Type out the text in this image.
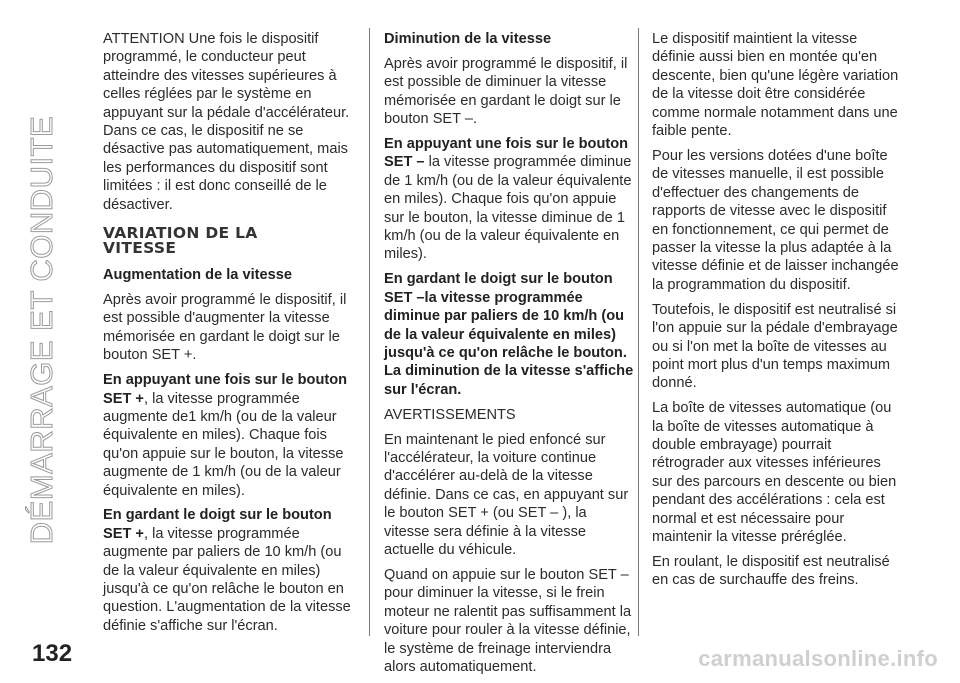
DÉMARRAGE ET CONDUITE
132

ATTENTION Une fois le dispositif programmé, le conducteur peut atteindre des vitesses supérieures à celles réglées par le système en appuyant sur la pédale d'accélérateur. Dans ce cas, le dispositif ne se désactive pas automatiquement, mais les performances du dispositif sont limitées : il est donc conseillé de le désactiver.

VARIATION DE LA
VITESSE

Augmentation de la vitesse

Après avoir programmé le dispositif, il est possible d'augmenter la vitesse mémorisée en gardant le doigt sur le bouton SET +.

En appuyant une fois sur le bouton SET +, la vitesse programmée augmente de1 km/h (ou de la valeur équivalente en miles). Chaque fois qu'on appuie sur le bouton, la vitesse augmente de 1 km/h (ou de la valeur équivalente en miles).

En gardant le doigt sur le bouton SET +, la vitesse programmée augmente par paliers de 10 km/h (ou de la valeur équivalente en miles) jusqu'à ce qu'on relâche le bouton en question. L'augmentation de la vitesse définie s'affiche sur l'écran.

Diminution de la vitesse

Après avoir programmé le dispositif, il est possible de diminuer la vitesse mémorisée en gardant le doigt sur le bouton SET –.

En appuyant une fois sur le bouton SET – la vitesse programmée diminue de 1 km/h (ou de la valeur équivalente en miles). Chaque fois qu'on appuie sur le bouton, la vitesse diminue de 1 km/h (ou de la valeur équivalente en miles).

En gardant le doigt sur le bouton SET –la vitesse programmée diminue par paliers de 10 km/h (ou de la valeur équivalente en miles) jusqu'à ce qu'on relâche le bouton. La diminution de la vitesse s'affiche sur l'écran.

AVERTISSEMENTS

En maintenant le pied enfoncé sur l'accélérateur, la voiture continue d'accélérer au-delà de la vitesse définie. Dans ce cas, en appuyant sur le bouton SET + (ou SET – ), la vitesse sera définie à la vitesse actuelle du véhicule.

Quand on appuie sur le bouton SET – pour diminuer la vitesse, si le frein moteur ne ralentit pas suffisamment la voiture pour rouler à la vitesse définie, le système de freinage interviendra alors automatiquement.

Le dispositif maintient la vitesse définie aussi bien en montée qu'en descente, bien qu'une légère variation de la vitesse doit être considérée comme normale notamment dans une faible pente.

Pour les versions dotées d'une boîte de vitesses manuelle, il est possible d'effectuer des changements de rapports de vitesse avec le dispositif en fonctionnement, ce qui permet de passer la vitesse la plus adaptée à la vitesse définie et de laisser inchangée la programmation du dispositif.

Toutefois, le dispositif est neutralisé si l'on appuie sur la pédale d'embrayage ou si l'on met la boîte de vitesses au point mort plus d'un temps maximum donné.

La boîte de vitesses automatique (ou la boîte de vitesses automatique à double embrayage) pourrait rétrograder aux vitesses inférieures sur des parcours en descente ou bien pendant des accélérations : cela est normal et est nécessaire pour maintenir la vitesse préréglée.

En roulant, le dispositif est neutralisé en cas de surchauffe des freins.

carmanualsonline.info
